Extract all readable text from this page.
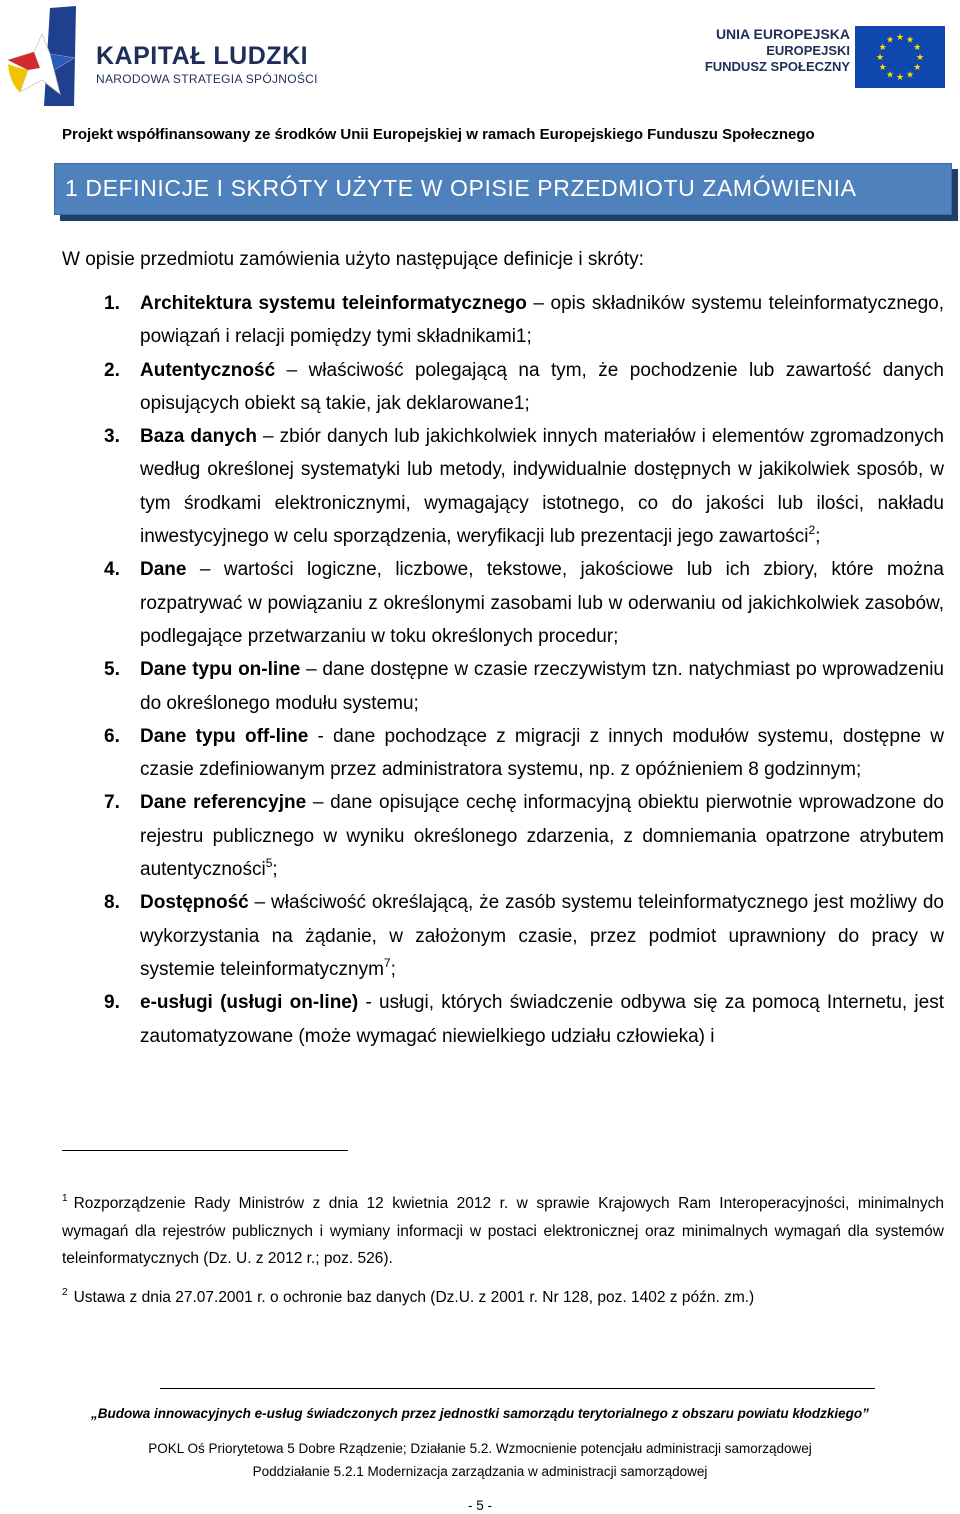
KAPITAŁ LUDZKI
NARODOWA STRATEGIA SPÓJNOŚCI
UNIA EUROPEJSKA
EUROPEJSKI
FUNDUSZ SPOŁECZNY
★ ★
★
★
★
★
★
★
★
★
★
★
Projekt współfinansowany ze środków Unii Europejskiej w ramach Europejskiego Funduszu Społecznego
1 DEFINICJE I SKRÓTY UŻYTE W OPISIE PRZEDMIOTU ZAMÓWIENIA
W opisie przedmiotu zamówienia użyto następujące definicje i skróty:
1. Architektura systemu teleinformatycznego – opis składników systemu teleinformatycznego, powiązań i relacji pomiędzy tymi składnikami1;
2. Autentyczność – właściwość polegającą na tym, że pochodzenie lub zawartość danych opisujących obiekt są takie, jak deklarowane1;
3. Baza danych – zbiór danych lub jakichkolwiek innych materiałów i elementów zgromadzonych według określonej systematyki lub metody, indywidualnie dostępnych w jakikolwiek sposób, w tym środkami elektronicznymi, wymagający istotnego, co do jakości lub ilości, nakładu inwestycyjnego w celu sporządzenia, weryfikacji lub prezentacji jego zawartości$^2$;
4. Dane – wartości logiczne, liczbowe, tekstowe, jakościowe lub ich zbiory, które można rozpatrywać w powiązaniu z określonymi zasobami lub w oderwaniu od jakichkolwiek zasobów, podlegające przetwarzaniu w toku określonych procedur;
5. Dane typu on-line – dane dostępne w czasie rzeczywistym tzn. natychmiast po wprowadzeniu do określonego modułu systemu;
6. Dane typu off-line - dane pochodzące z migracji z innych modułów systemu, dostępne w czasie zdefiniowanym przez administratora systemu, np. z opóźnieniem 8 godzinnym;
7. Dane referencyjne – dane opisujące cechę informacyjną obiektu pierwotnie wprowadzone do rejestru publicznego w wyniku określonego zdarzenia, z domniemania opatrzone atrybutem autentyczności$^5$;
8. Dostępność – właściwość określającą, że zasób systemu teleinformatycznego jest możliwy do wykorzystania na żądanie, w założonym czasie, przez podmiot uprawniony do pracy w systemie teleinformatycznym$^7$;
9. e-usługi (usługi on-line) - usługi, których świadczenie odbywa się za pomocą Internetu, jest zautomatyzowane (może wymagać niewielkiego udziału człowieka) i
$^1$ Rozporządzenie Rady Ministrów z dnia 12 kwietnia 2012 r. w sprawie Krajowych Ram Interoperacyjności, minimalnych wymagań dla rejestrów publicznych i wymiany informacji w postaci elektronicznej oraz minimalnych wymagań dla systemów teleinformatycznych (Dz. U. z 2012 r.; poz. 526).
$^2$ Ustawa z dnia 27.07.2001 r. o ochronie baz danych (Dz.U. z 2001 r. Nr 128, poz. 1402 z późn. zm.)
„Budowa innowacyjnych e-usług świadczonych przez jednostki samorządu terytorialnego z obszaru powiatu kłodzkiego”
POKL Oś Priorytetowa 5 Dobre Rządzenie; Działanie 5.2. Wzmocnienie potencjału administracji samorządowej
Poddziałanie 5.2.1 Modernizacja zarządzania w administracji samorządowej
- 5 -
